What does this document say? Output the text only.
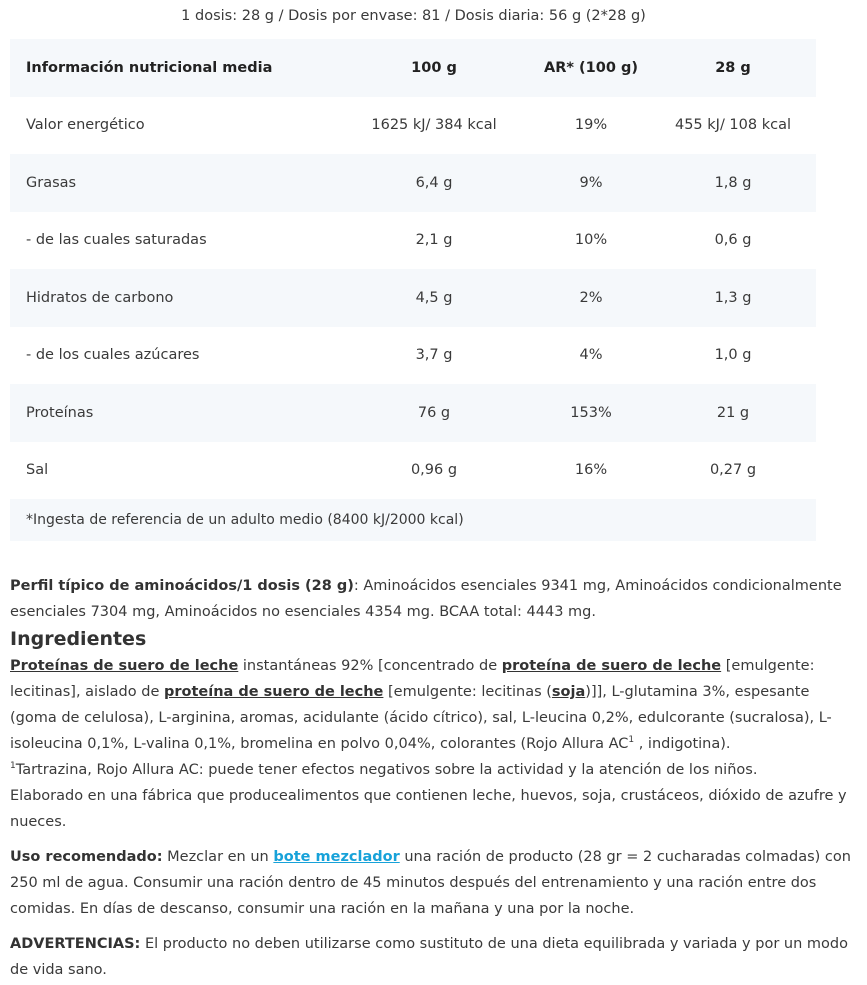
1 dosis: 28 g / Dosis por envase: 81 / Dosis diaria: 56 g (2*28 g)
Información nutricional media	100 g	AR* (100 g)	28 g
Valor energético	1625 kJ/ 384 kcal	19%	455 kJ/ 108 kcal
Grasas	6,4 g	9%	1,8 g
- de las cuales saturadas	2,1 g	10%	0,6 g
Hidratos de carbono	4,5 g	2%	1,3 g
- de los cuales azúcares	3,7 g	4%	1,0 g
Proteínas	76 g	153%	21 g
Sal	0,96 g	16%	0,27 g
*Ingesta de referencia de un adulto medio (8400 kJ/2000 kcal)			

Perfil típico de aminoácidos/1 dosis (28 g): Aminoácidos esenciales 9341 mg, Aminoácidos condicionalmente esenciales 7304 mg, Aminoácidos no esenciales 4354 mg. BCAA total: 4443 mg.

Ingredientes

Proteínas de suero de leche instantáneas 92% [concentrado de proteína de suero de leche [emulgente: lecitinas], aislado de proteína de suero de leche [emulgente: lecitinas (soja)]], L-glutamina 3%, espesante (goma de celulosa), L-arginina, aromas, acidulante (ácido cítrico), sal, L-leucina 0,2%, edulcorante (sucralosa), L-isoleucina 0,1%, L-valina 0,1%, bromelina en polvo 0,04%, colorantes (Rojo Allura $AC^1$ , indigotina).

$^1$Tartrazina, Rojo Allura AC: puede tener efectos negativos sobre la actividad y la atención de los niños.

Elaborado en una fábrica que producealimentos que contienen leche, huevos, soja, crustáceos, dióxido de azufre y nueces.

Uso recomendado: Mezclar en un bote mezclador una ración de producto (28 gr = 2 cucharadas colmadas) con 250 ml de agua. Consumir una ración dentro de 45 minutos después del entrenamiento y una ración entre dos comidas. En días de descanso, consumir una ración en la mañana y una por la noche.

ADVERTENCIAS: El producto no deben utilizarse como sustituto de una dieta equilibrada y variada y por un modo de vida sano.
